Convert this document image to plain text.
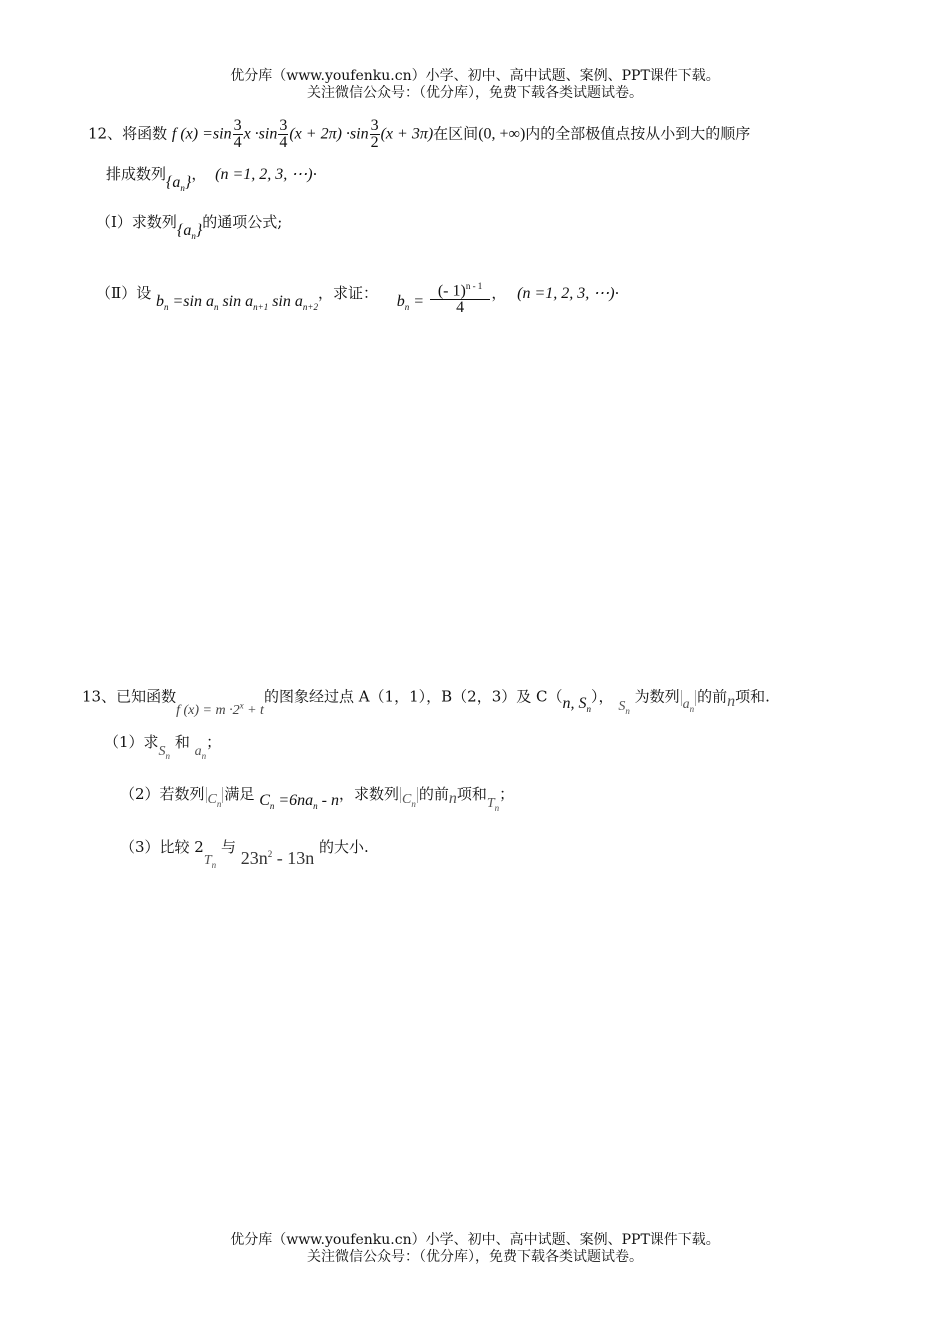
优分库（www.youfenku.cn）小学、初中、高中试题、案例、PPT课件下载。
关注微信公众号：（优分库），免费下载各类试题试卷。
12、将函数 f $(x) =\sin \frac{3}{4}$ $x \cdot\sin \frac{3}{4} (x + 2\pi) \cdot\sin \frac{3}{2} (x + 3\pi)$在区间(0, +∞)内的全部极值点按从小到大的顺序
排成数列$\{a_n\}$， (n =1, 2, 3, ⋯)·
（Ⅰ）求数列$\{a_n\}$的通项公式;
（Ⅱ）设 $b_n =\sin$ $a_n$ $\sin a_{n+1}$ $\sin a_{n+2}$，求证： $b_n = \frac{(- 1)^{n - 1}}{4}$ ， (n =1, 2, 3, ⋯)·
13、已知函数f $(x) = m \cdot 2^x + t$的图象经过点 A（1，1），B（2，3）及 C（n, $S_n$）， $S_n$ 为数列 $a_n$的前n项和.
（1）求$S_n$ 和 $a_n$；
（2）若数列 $C_n$满足 $C_n =6na_n - n$，求数列 $C_n$的前n项和$T_n$；
（3）比较 $2T_n$ 与 $23n^2 - 13n$ 的大小.
优分库（www.youfenku.cn）小学、初中、高中试题、案例、PPT课件下载。
关注微信公众号：（优分库），免费下载各类试题试卷。
